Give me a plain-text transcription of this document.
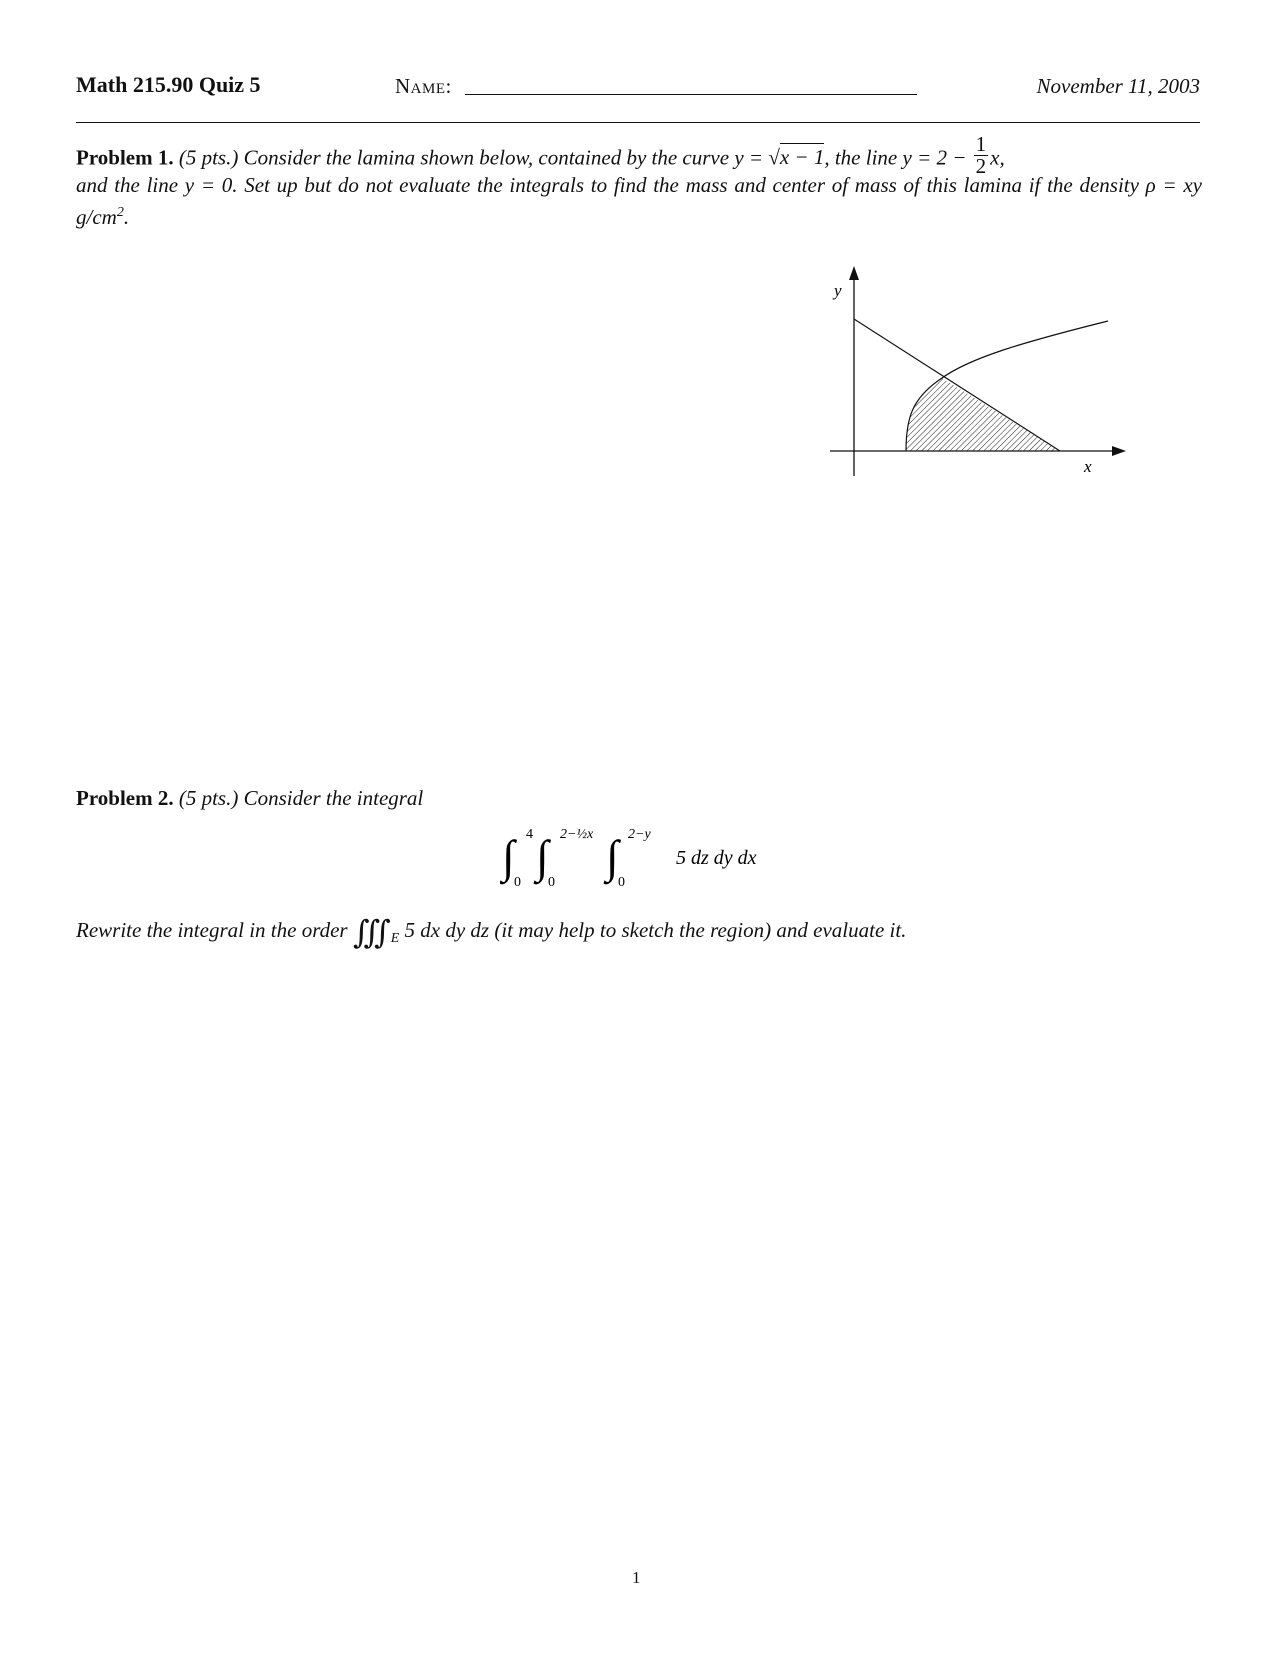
Math 215.90 Quiz 5	Name:	November 11, 2003
Problem 1. (5 pts.) Consider the lamina shown below, contained by the curve y = √x − 1, the line $y = 2 - \frac{1}{2} x$,
and the line y = 0. Set up but do not evaluate the integrals to find the mass and center of mass of this lamina if the density ρ = xy $g/cm^2$.
y
x
Problem 2. (5 pts.) Consider the integral
∫ 4
0
∫ 2−½x
0
∫ 2−y
0
5 dz dy dx
Rewrite the integral in the order $∭_E$ 5 dx dy dz (it may help to sketch the region) and evaluate it.
1
